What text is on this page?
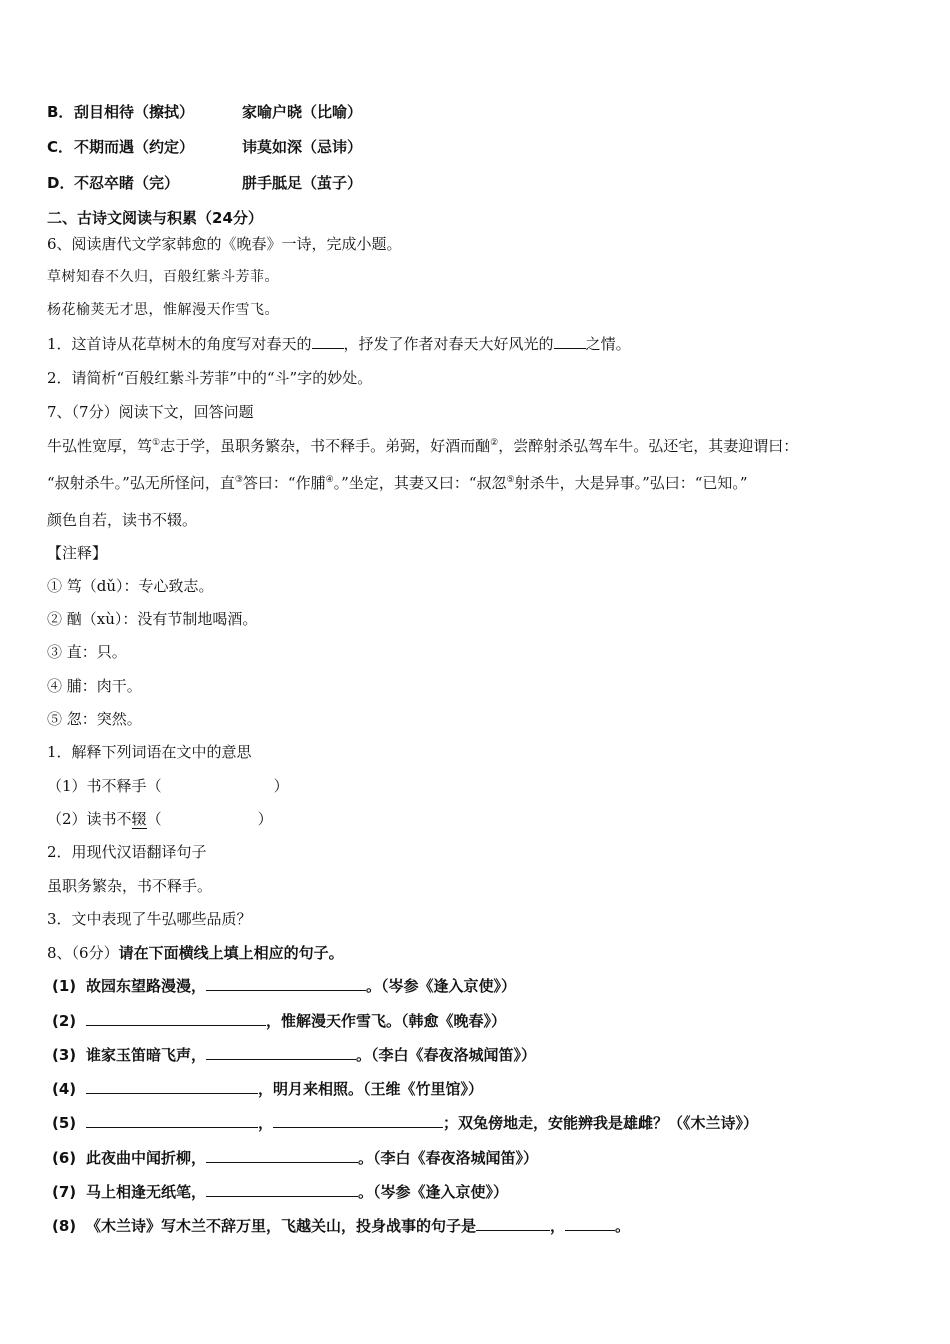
B．刮目相待（擦拭）	家喻户晓（比喻）
C．不期而遇（约定）	讳莫如深（忌讳）
D．不忍卒睹（完）	胼手胝足（茧子）
二、古诗文阅读与积累（24分）
6、阅读唐代文学家韩愈的《晚春》一诗，完成小题。
草树知春不久归，百般红紫斗芳菲。
杨花榆荚无才思，惟解漫天作雪飞。
1．这首诗从花草树木的角度写对春天的 ，抒发了作者对春天大好风光的 之情。
2．请简析“百般红紫斗芳菲”中的“斗”字的妙处。
7、（7分）阅读下文，回答问题
牛弘性宽厚，笃①志于学，虽职务繁杂，书不释手。弟弼，好酒而酗②，尝醉射杀弘驾车牛。弘还宅，其妻迎谓曰：
“叔射杀牛。”弘无所怪问，直③答曰：“作脯④。”坐定，其妻又曰：“叔忽⑤射杀牛，大是异事。”弘曰：“已知。”
颜色自若，读书不辍。
【注释】
① 笃（dǔ）：专心致志。
② 酗（xù）：没有节制地喝酒。
③ 直：只。
④ 脯：肉干。
⑤ 忽：突然。
1．解释下列词语在文中的意思
（1）书不释手（	）
（2）读书不辍（	）
2．用现代汉语翻译句子
虽职务繁杂，书不释手。
3．文中表现了牛弘哪些品质？
8、（6分）请在下面横线上填上相应的句子。
(1) 故园东望路漫漫，	。（岑参《逢入京使》）
(2)	，惟解漫天作雪飞。（韩愈《晚春》）
(3) 谁家玉笛暗飞声，	。（李白《春夜洛城闻笛》）
(4)	，明月来相照。（王维《竹里馆》）
(5)	，	；双兔傍地走，安能辨我是雄雌？（《木兰诗》）
(6) 此夜曲中闻折柳，	。（李白《春夜洛城闻笛》）
(7) 马上相逢无纸笔，	。（岑参《逢入京使》）
(8) 《木兰诗》写木兰不辞万里，飞越关山，投身战事的句子是	，	。
